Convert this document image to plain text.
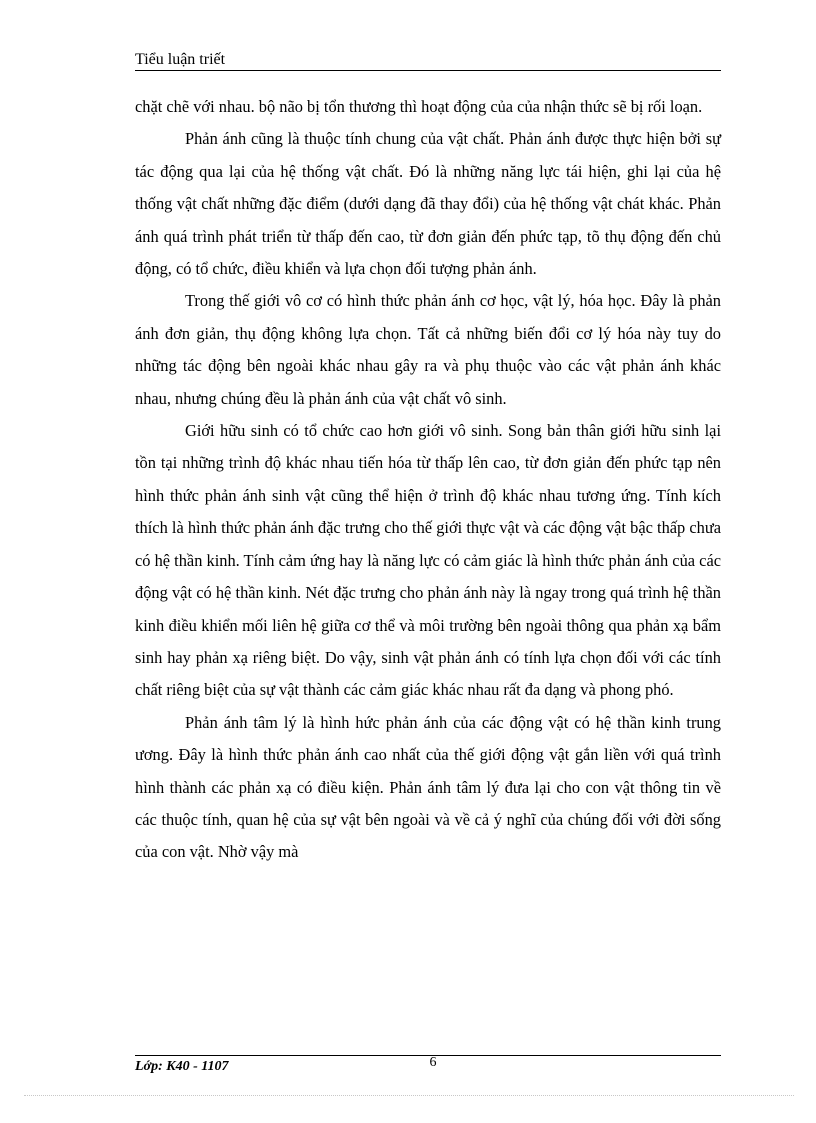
Tiểu luận triết

chặt chẽ với nhau. bộ não bị tổn thương thì hoạt động của của nhận thức sẽ bị rối loạn.

Phản ánh cũng là thuộc tính chung của vật chất. Phản ánh được thực hiện bởi sự tác động qua lại của hệ thống vật chất. Đó là những năng lực tái hiện, ghi lại của hệ thống vật chất những đặc điểm (dưới dạng đã thay đổi) của hệ thống vật chát khác. Phản ánh quá trình phát triển từ thấp đến cao, từ đơn giản đến phức tạp, tõ thụ động đến chủ động, có tổ chức, điều khiển và lựa chọn đối tượng phản ánh.

Trong thế giới vô cơ có hình thức phản ánh cơ học, vật lý, hóa học. Đây là phản ánh đơn giản, thụ động không lựa chọn. Tất cả những biến đổi cơ lý hóa này tuy do những tác động bên ngoài khác nhau gây ra và phụ thuộc vào các vật phản ánh khác nhau, nhưng chúng đều là phản ánh của vật chất vô sinh.

Giới hữu sinh có tổ chức cao hơn giới vô sinh. Song bản thân giới hữu sinh lại tồn tại những trình độ khác nhau tiến hóa từ thấp lên cao, từ đơn giản đến phức tạp nên hình thức phản ánh sinh vật cũng thể hiện ở trình độ khác nhau tương ứng. Tính kích thích là hình thức phản ánh đặc trưng cho thế giới thực vật và các động vật bậc thấp chưa có hệ thần kinh. Tính cảm ứng hay là năng lực có cảm giác là hình thức phản ánh của các động vật có hệ thần kinh. Nét đặc trưng cho phản ánh này là ngay trong quá trình hệ thần kinh điều khiển mối liên hệ giữa cơ thể và môi trường bên ngoài thông qua phản xạ bẩm sinh hay phản xạ riêng biệt. Do vậy, sinh vật phản ánh có tính lựa chọn đối với các tính chất riêng biệt của sự vật thành các cảm giác khác nhau rất đa dạng và phong phó.

Phản ánh tâm lý là hình hức phản ánh của các động vật có hệ thần kinh trung ương. Đây là hình thức phản ánh cao nhất của thế giới động vật gắn liền với quá trình hình thành các phản xạ có điều kiện. Phản ánh tâm lý đưa lại cho con vật thông tin về các thuộc tính, quan hệ của sự vật bên ngoài và về cả ý nghĩ của chúng đối với đời sống của con vật. Nhờ vậy mà

Lớp: K40 - 1107	6
